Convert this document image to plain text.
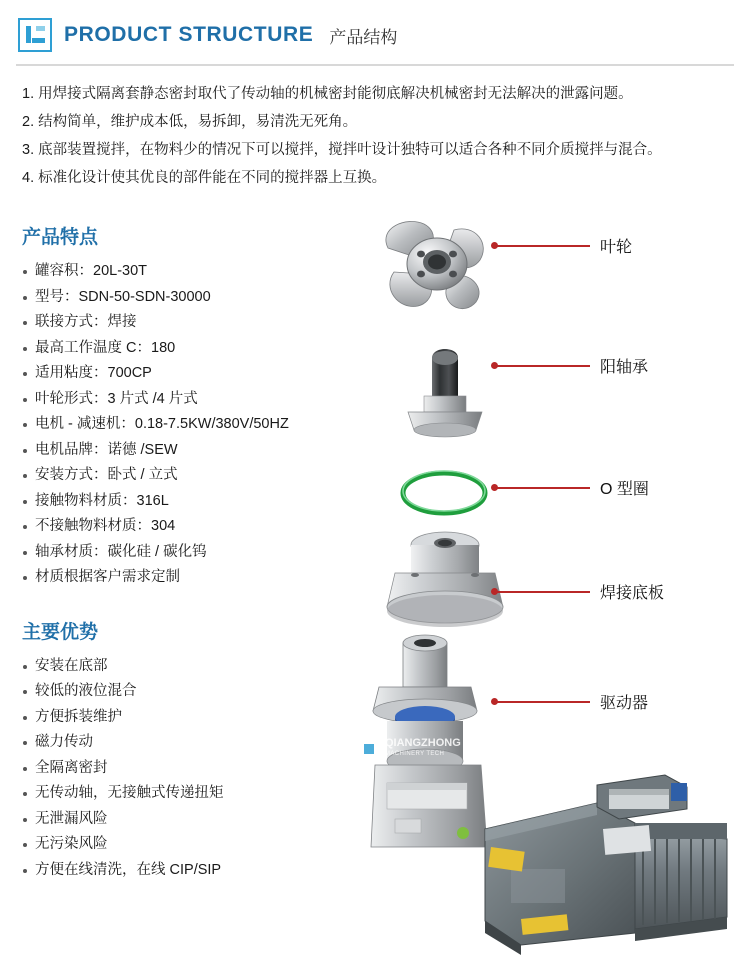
PRODUCT STRUCTURE 产品结构
1. 用焊接式隔离套静态密封取代了传动轴的机械密封能彻底解决机械密封无法解决的泄露问题。
2. 结构简单，维护成本低，易拆卸，易清洗无死角。
3. 底部装置搅拌，在物料少的情况下可以搅拌，搅拌叶设计独特可以适合各种不同介质搅拌与混合。
4. 标准化设计使其优良的部件能在不同的搅拌器上互换。
产品特点
罐容积：20L-30T
型号：SDN-50-SDN-30000
联接方式：焊接
最高工作温度 C：180
适用粘度：700CP
叶轮形式：3 片式 /4 片式
电机 - 减速机：0.18-7.5KW/380V/50HZ
电机品牌：诺德 /SEW
安装方式：卧式 / 立式
接触物料材质：316L
不接触物料材质：304
轴承材质：碳化硅 / 碳化钨
材质根据客户需求定制
主要优势
安装在底部
较低的液位混合
方便拆装维护
磁力传动
全隔离密封
无传动轴，无接触式传递扭矩
无泄漏风险
无污染风险
方便在线清洗，在线 CIP/SIP
QIANGZHONG
MACHINERY TECH
叶轮
阳轴承
O 型圈
焊接底板
驱动器
